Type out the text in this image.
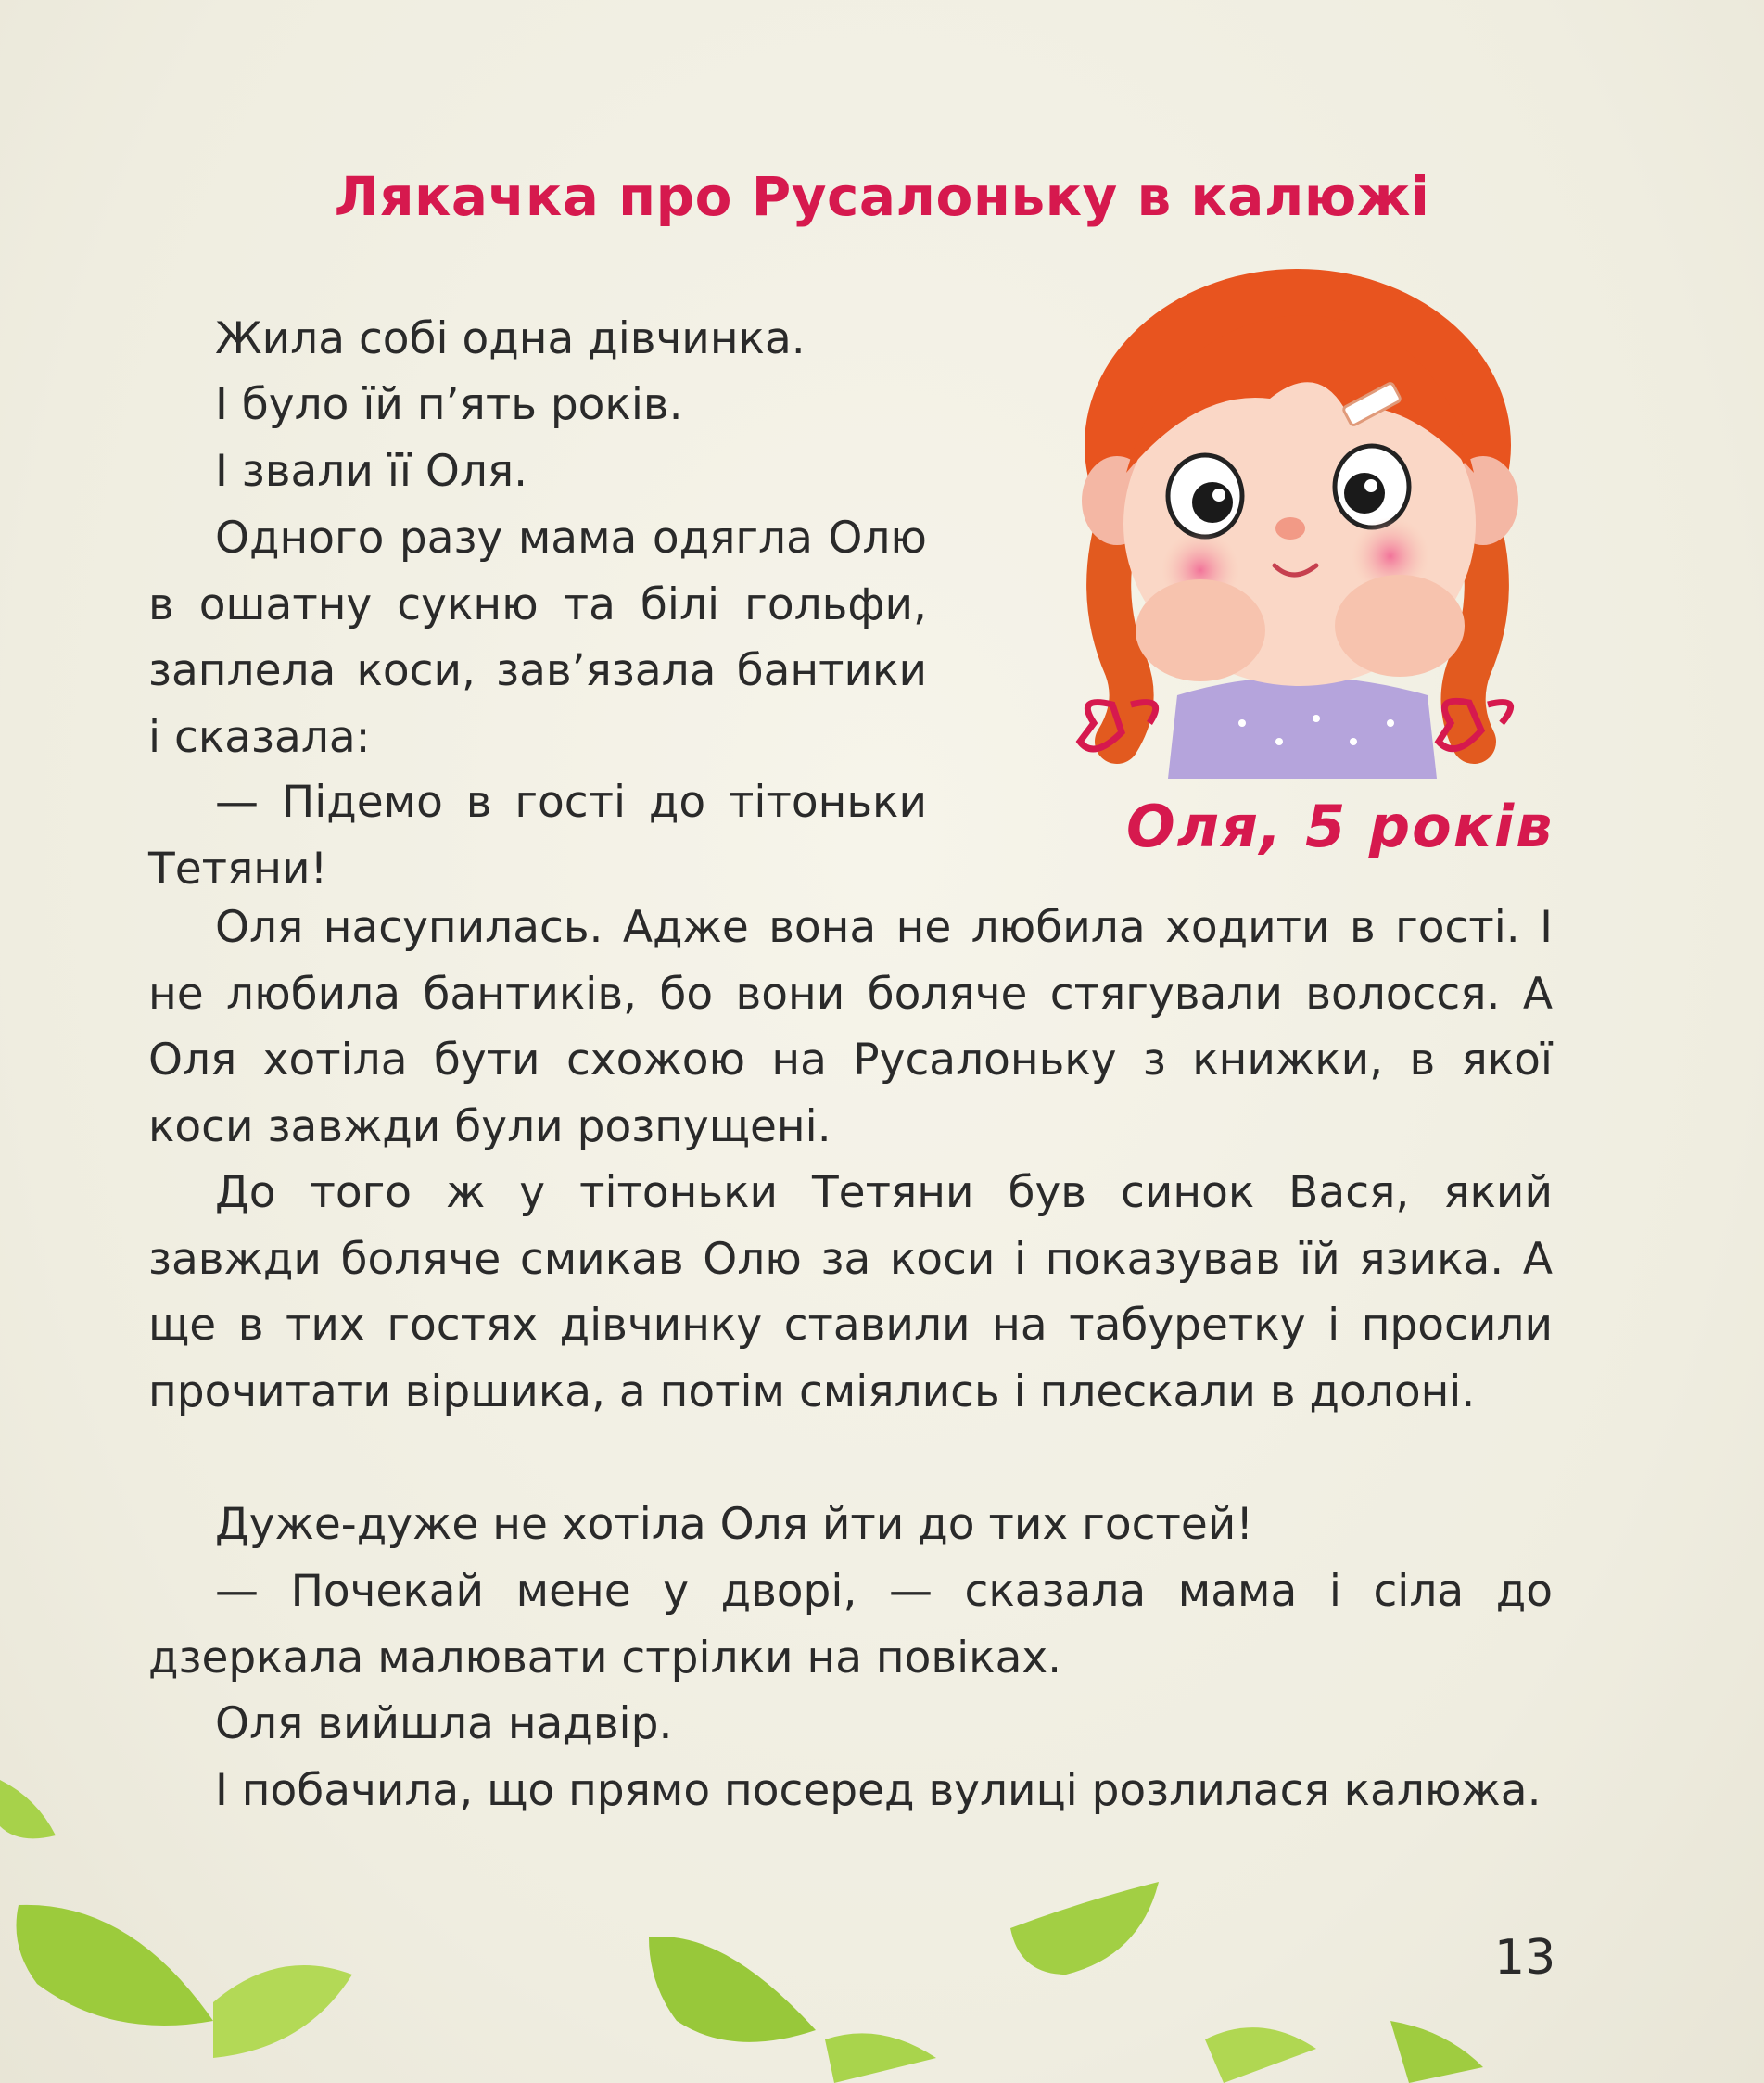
Лякачка про Русалоньку в калюжі
Оля, 5 років

Жила собі одна дівчинка.

І було їй п’ять років.

І звали її Оля.

Одного разу мама одягла Олю в ошатну сукню та білі гольфи, заплела коси, зав’язала бантики і сказала:

— Підемо в гості до тітоньки Тетяни!

Оля насупилась. Адже вона не любила ходити в гості. І не любила бантиків, бо вони боляче стягували волосся. А Оля хотіла бути схожою на Русалоньку з книжки, в якої коси завжди були розпущені.

До того ж у тітоньки Тетяни був синок Вася, який завжди боляче смикав Олю за коси і показував їй язика. А ще в тих гостях дівчинку ставили на табуретку і просили прочитати віршика, а потім сміялись і плескали в долоні.

Дуже-дуже не хотіла Оля йти до тих гостей!

— Почекай мене у дворі, — сказала мама і сіла до дзеркала малювати стрілки на повіках.

Оля вийшла надвір.

І побачила, що прямо посеред вулиці розлилася калюжа.

13
